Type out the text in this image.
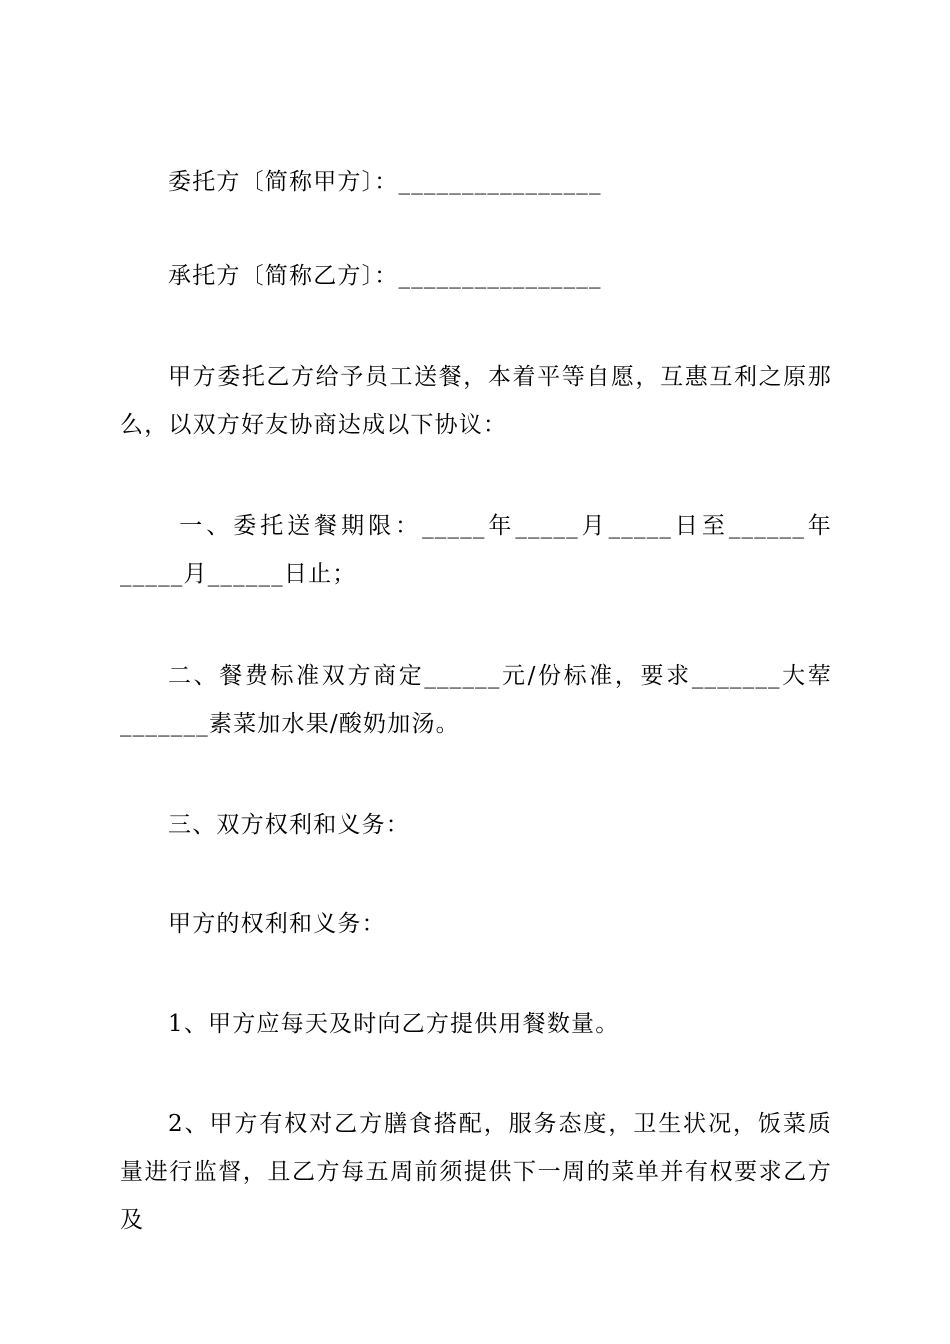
委托方〔简称甲方〕：________________

承托方〔简称乙方〕：________________

甲方委托乙方给予员工送餐，本着平等自愿，互惠互利之原那么，以双方好友协商达成以下协议：

一、委托送餐期限：_____年_____月_____日至______年_____月______日止；

二、餐费标准双方商定______元/份标准，要求_______大荤_______素菜加水果/酸奶加汤。

三、双方权利和义务：

甲方的权利和义务：

1、甲方应每天及时向乙方提供用餐数量。

2、甲方有权对乙方膳食搭配，服务态度，卫生状况，饭菜质量进行监督，且乙方每五周前须提供下一周的菜单并有权要求乙方及
